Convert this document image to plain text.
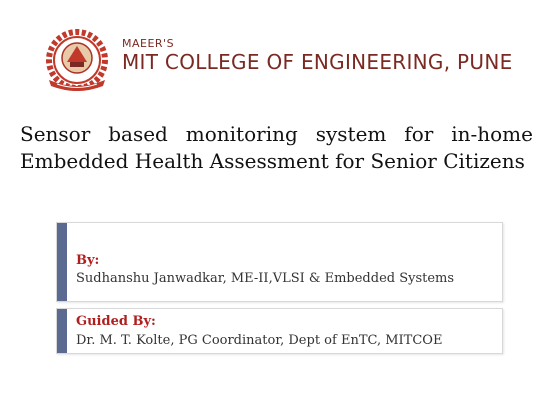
MAEER'S
MIT COLLEGE OF ENGINEERING, PUNE
Sensor based monitoring system for in-home Embedded Health Assessment for Senior Citizens
By:
Sudhanshu Janwadkar, ME-II,VLSI & Embedded Systems
Guided By:
Dr. M. T. Kolte, PG Coordinator, Dept of EnTC, MITCOE
